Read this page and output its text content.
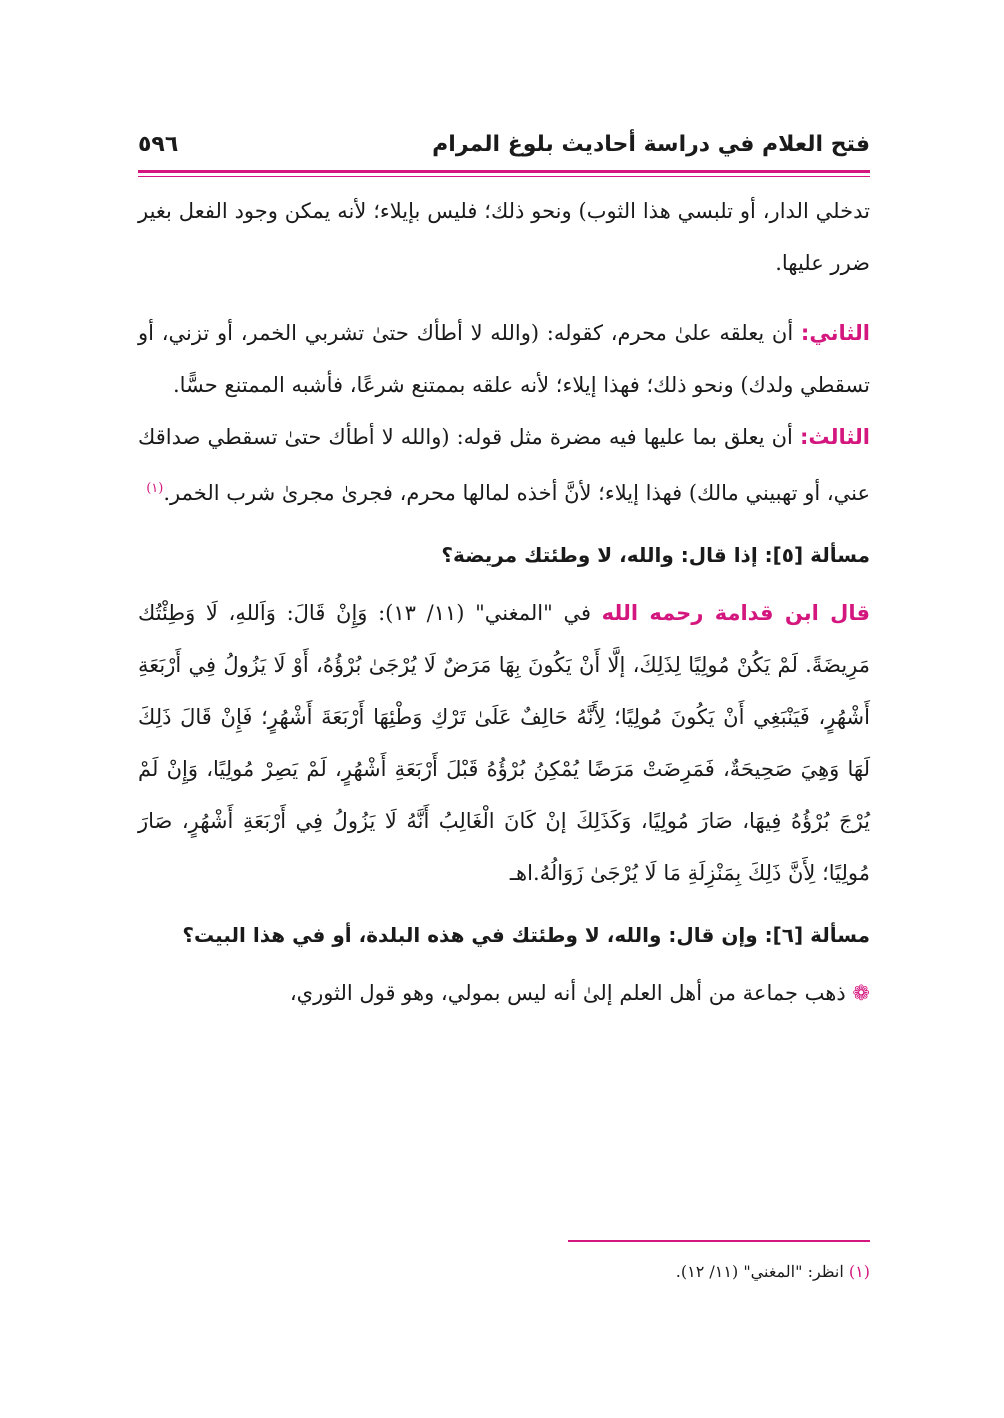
فتح العلام في دراسة أحاديث بلوغ المرام
٥٩٦

تدخلي الدار، أو تلبسي هذا الثوب) ونحو ذلك؛ فليس بإيلاء؛ لأنه يمكن وجود الفعل بغير ضرر عليها.

الثاني: أن يعلقه علىٰ محرم، كقوله: (والله لا أطأك حتىٰ تشربي الخمر، أو تزني، أو تسقطي ولدك) ونحو ذلك؛ فهذا إيلاء؛ لأنه علقه بممتنع شرعًا، فأشبه الممتنع حسًّا.

الثالث: أن يعلق بما عليها فيه مضرة مثل قوله: (والله لا أطأك حتىٰ تسقطي صداقك عني، أو تهبيني مالك) فهذا إيلاء؛ لأنَّ أخذه لمالها محرم، فجرىٰ مجرىٰ شرب الخمر.$^{(١)}$

مسألة [٥]: إذا قال: والله، لا وطئتك مريضة؟

قال ابن قدامة رحمه الله في "المغني" (١١/ ١٣): وَإِنْ قَالَ: وَاَللهِ، لَا وَطِئْتُك مَرِيضَةً. لَمْ يَكُنْ مُولِيًا لِذَلِكَ، إلَّا أَنْ يَكُونَ بِهَا مَرَضٌ لَا يُرْجَىٰ بُرْؤُهُ، أَوْ لَا يَزُولُ فِي أَرْبَعَةِ أَشْهُرٍ، فَيَنْبَغِي أَنْ يَكُونَ مُولِيًا؛ لِأَنَّهُ حَالِفٌ عَلَىٰ تَرْكِ وَطْئِهَا أَرْبَعَةَ أَشْهُرٍ؛ فَإِنْ قَالَ ذَلِكَ لَهَا وَهِيَ صَحِيحَةٌ، فَمَرِضَتْ مَرَضًا يُمْكِنُ بُرْؤُهُ قَبْلَ أَرْبَعَةِ أَشْهُرٍ، لَمْ يَصِرْ مُولِيًا، وَإِنْ لَمْ يُرْجَ بُرْؤُهُ فِيهَا، صَارَ مُولِيًا، وَكَذَلِكَ إنْ كَانَ الْغَالِبُ أَنَّهُ لَا يَزُولُ فِي أَرْبَعَةِ أَشْهُرٍ، صَارَ مُولِيًا؛ لِأَنَّ ذَلِكَ بِمَنْزِلَةِ مَا لَا يُرْجَىٰ زَوَالُهُ.اهـ

مسألة [٦]: وإن قال: والله، لا وطئتك في هذه البلدة، أو في هذا البيت؟

❁ ذهب جماعة من أهل العلم إلىٰ أنه ليس بمولي، وهو قول الثوري،

(١) انظر: "المغني" (١١/ ١٢).
